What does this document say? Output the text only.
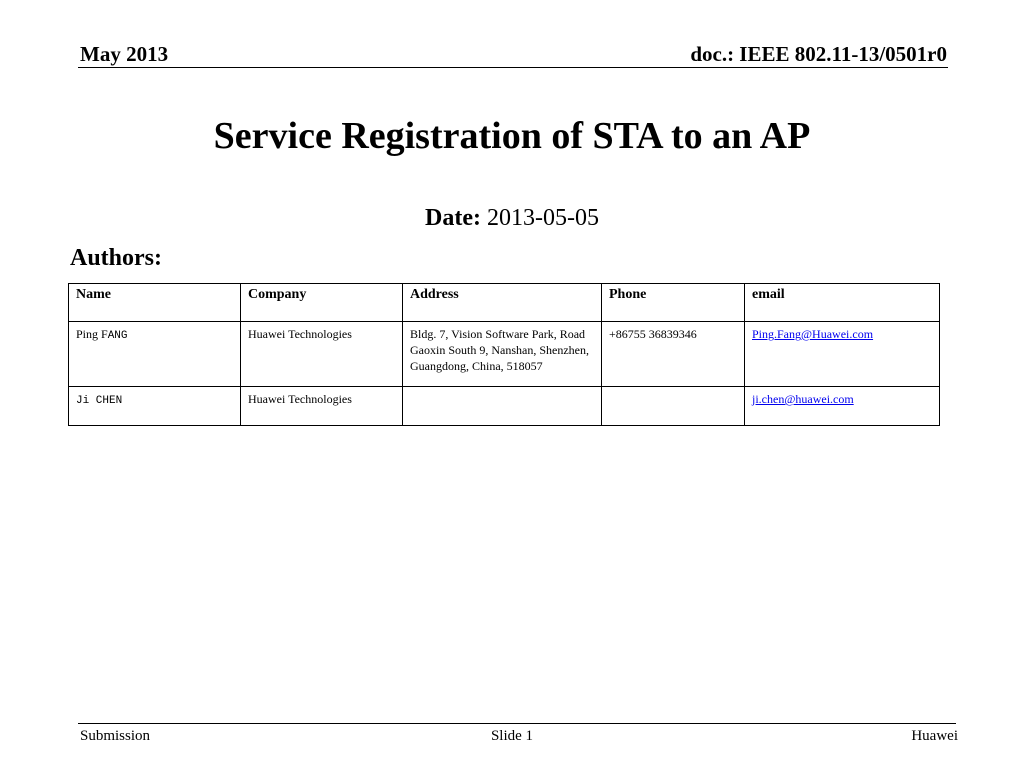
May 2013	doc.: IEEE 802.11-13/0501r0
Service Registration of STA to an AP
Date: 2013-05-05
Authors:
Name	Company	Address	Phone	email
Ping FANG	Huawei Technologies	Bldg. 7, Vision Software Park, Road Gaoxin South 9, Nanshan, Shenzhen, Guangdong, China, 518057	+86755 36839346	Ping.Fang@Huawei.com
Ji CHEN	Huawei Technologies			ji.chen@huawei.com
Submission	Slide 1	Huawei
